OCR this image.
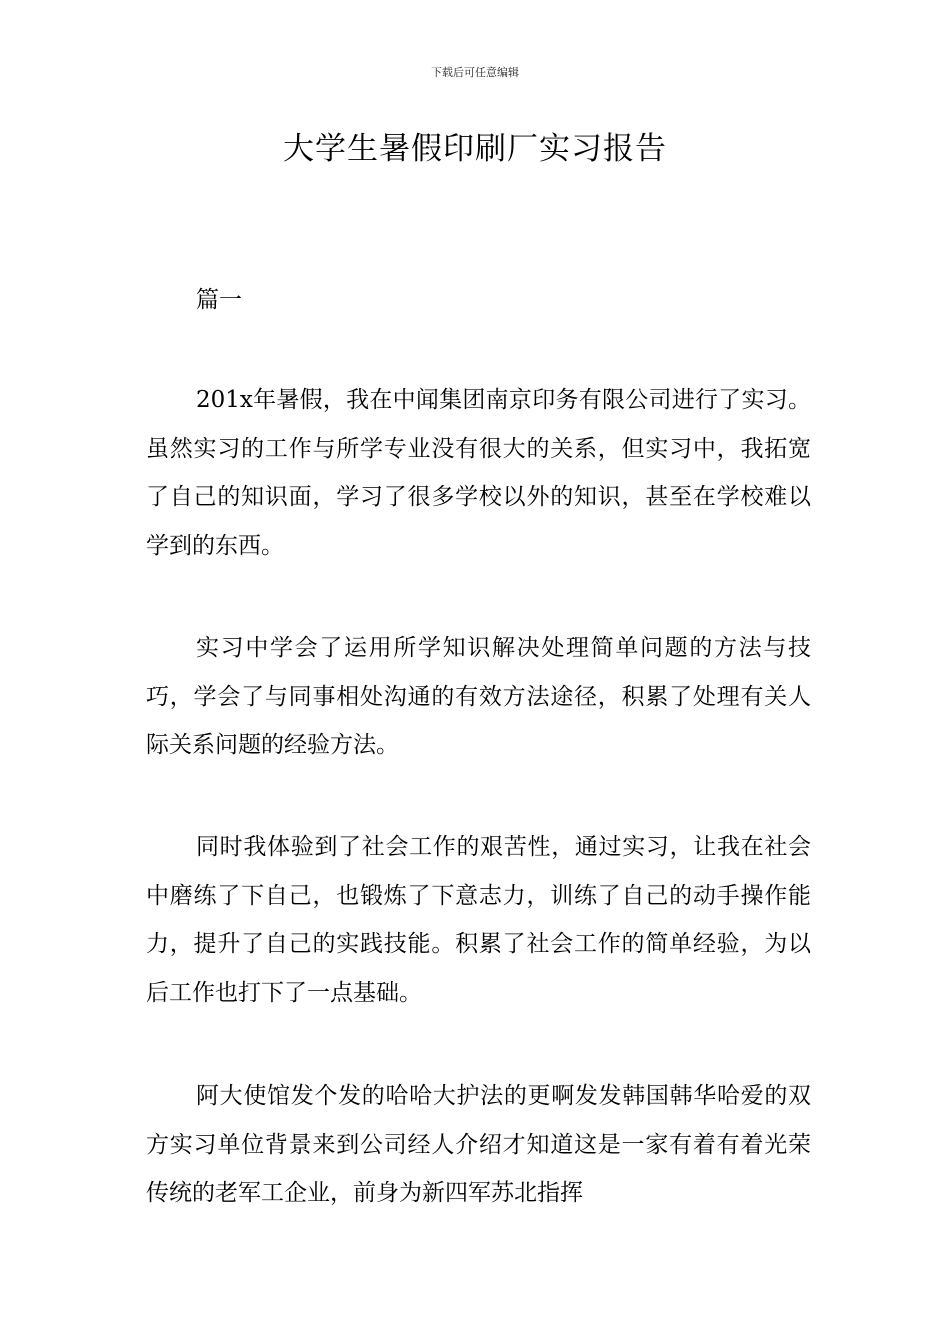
下载后可任意编辑
大学生暑假印刷厂实习报告
篇一

201x年暑假，我在中闻集团南京印务有限公司进行了实习。虽然实习的工作与所学专业没有很大的关系，但实习中，我拓宽了自己的知识面，学习了很多学校以外的知识，甚至在学校难以学到的东西。

实习中学会了运用所学知识解决处理简单问题的方法与技巧，学会了与同事相处沟通的有效方法途径，积累了处理有关人际关系问题的经验方法。

同时我体验到了社会工作的艰苦性，通过实习，让我在社会中磨练了下自己，也锻炼了下意志力，训练了自己的动手操作能力，提升了自己的实践技能。积累了社会工作的简单经验，为以后工作也打下了一点基础。

阿大使馆发个发的哈哈大护法的更啊发发韩国韩华哈爱的双方实习单位背景来到公司经人介绍才知道这是一家有着有着光荣传统的老军工企业，前身为新四军苏北指挥
